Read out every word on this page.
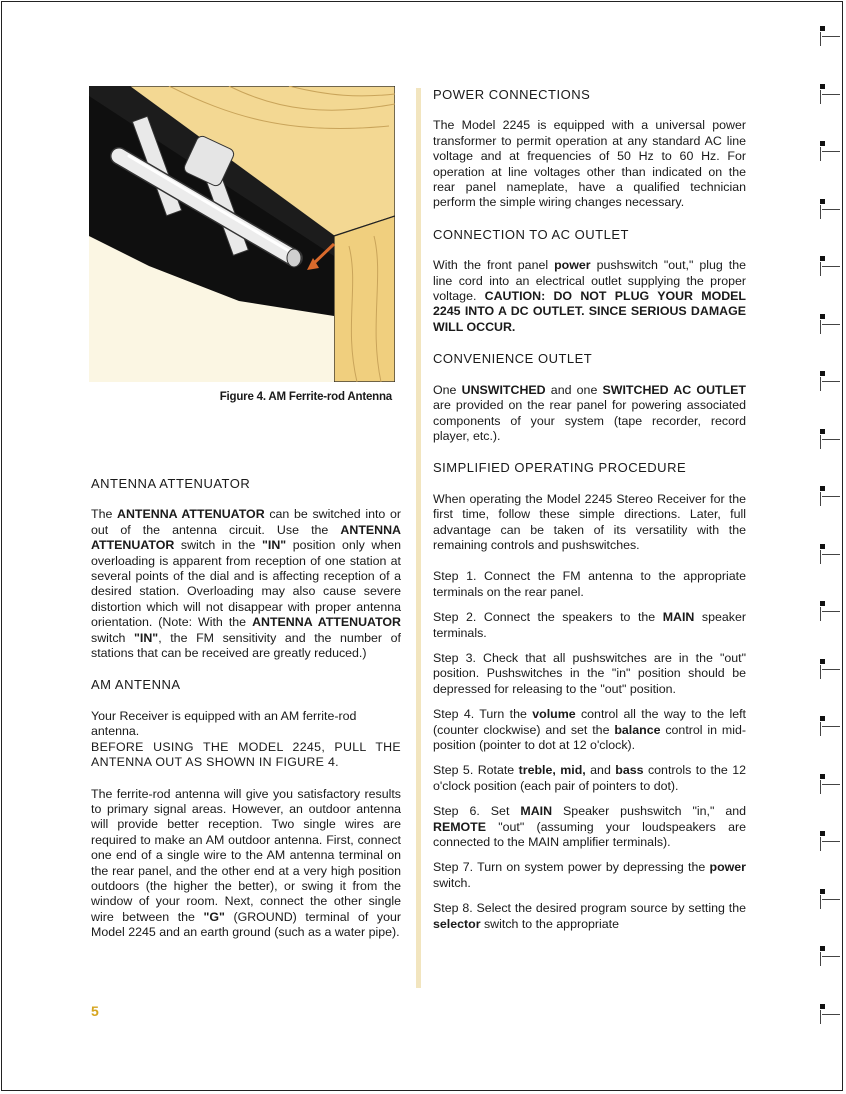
Figure 4. AM Ferrite-rod Antenna
ANTENNA ATTENUATOR

The ANTENNA ATTENUATOR can be switched into or out of the antenna circuit. Use the ANTENNA ATTENUATOR switch in the "IN" position only when overloading is apparent from reception of one station at several points of the dial and is affecting reception of a desired station. Overloading may also cause severe distortion which will not disappear with proper antenna orientation. (Note: With the ANTENNA ATTENUATOR switch "IN", the FM sensitivity and the number of stations that can be received are greatly reduced.)

AM ANTENNA

Your Receiver is equipped with an AM ferrite-rod antenna.

BEFORE USING THE MODEL 2245, PULL THE ANTENNA OUT AS SHOWN IN FIGURE 4.

The ferrite-rod antenna will give you satisfactory results to primary signal areas. However, an outdoor antenna will provide better reception. Two single wires are required to make an AM outdoor antenna. First, connect one end of a single wire to the AM antenna terminal on the rear panel, and the other end at a very high position outdoors (the higher the better), or swing it from the window of your room. Next, connect the other single wire between the "G" (GROUND) terminal of your Model 2245 and an earth ground (such as a water pipe).

5
POWER CONNECTIONS

The Model 2245 is equipped with a universal power transformer to permit operation at any standard AC line voltage and at frequencies of 50 Hz to 60 Hz. For operation at line voltages other than indicated on the rear panel nameplate, have a qualified technician perform the simple wiring changes necessary.

CONNECTION TO AC OUTLET

With the front panel power pushswitch "out," plug the line cord into an electrical outlet supplying the proper voltage. CAUTION: DO NOT PLUG YOUR MODEL 2245 INTO A DC OUTLET. SINCE SERIOUS DAMAGE WILL OCCUR.

CONVENIENCE OUTLET

One UNSWITCHED and one SWITCHED AC OUTLET are provided on the rear panel for powering associated components of your system (tape recorder, record player, etc.).

SIMPLIFIED OPERATING PROCEDURE

When operating the Model 2245 Stereo Receiver for the first time, follow these simple directions. Later, full advantage can be taken of its versatility with the remaining controls and pushswitches.

Step 1. Connect the FM antenna to the appropriate terminals on the rear panel.

Step 2. Connect the speakers to the MAIN speaker terminals.

Step 3. Check that all pushswitches are in the "out" position. Pushswitches in the "in" position should be depressed for releasing to the "out" position.

Step 4. Turn the volume control all the way to the left (counter clockwise) and set the balance control in mid-position (pointer to dot at 12 o'clock).

Step 5. Rotate treble, mid, and bass controls to the 12 o'clock position (each pair of pointers to dot).

Step 6. Set MAIN Speaker pushswitch "in," and REMOTE "out" (assuming your loudspeakers are connected to the MAIN amplifier terminals).

Step 7. Turn on system power by depressing the power switch.

Step 8. Select the desired program source by setting the selector switch to the appropriate
